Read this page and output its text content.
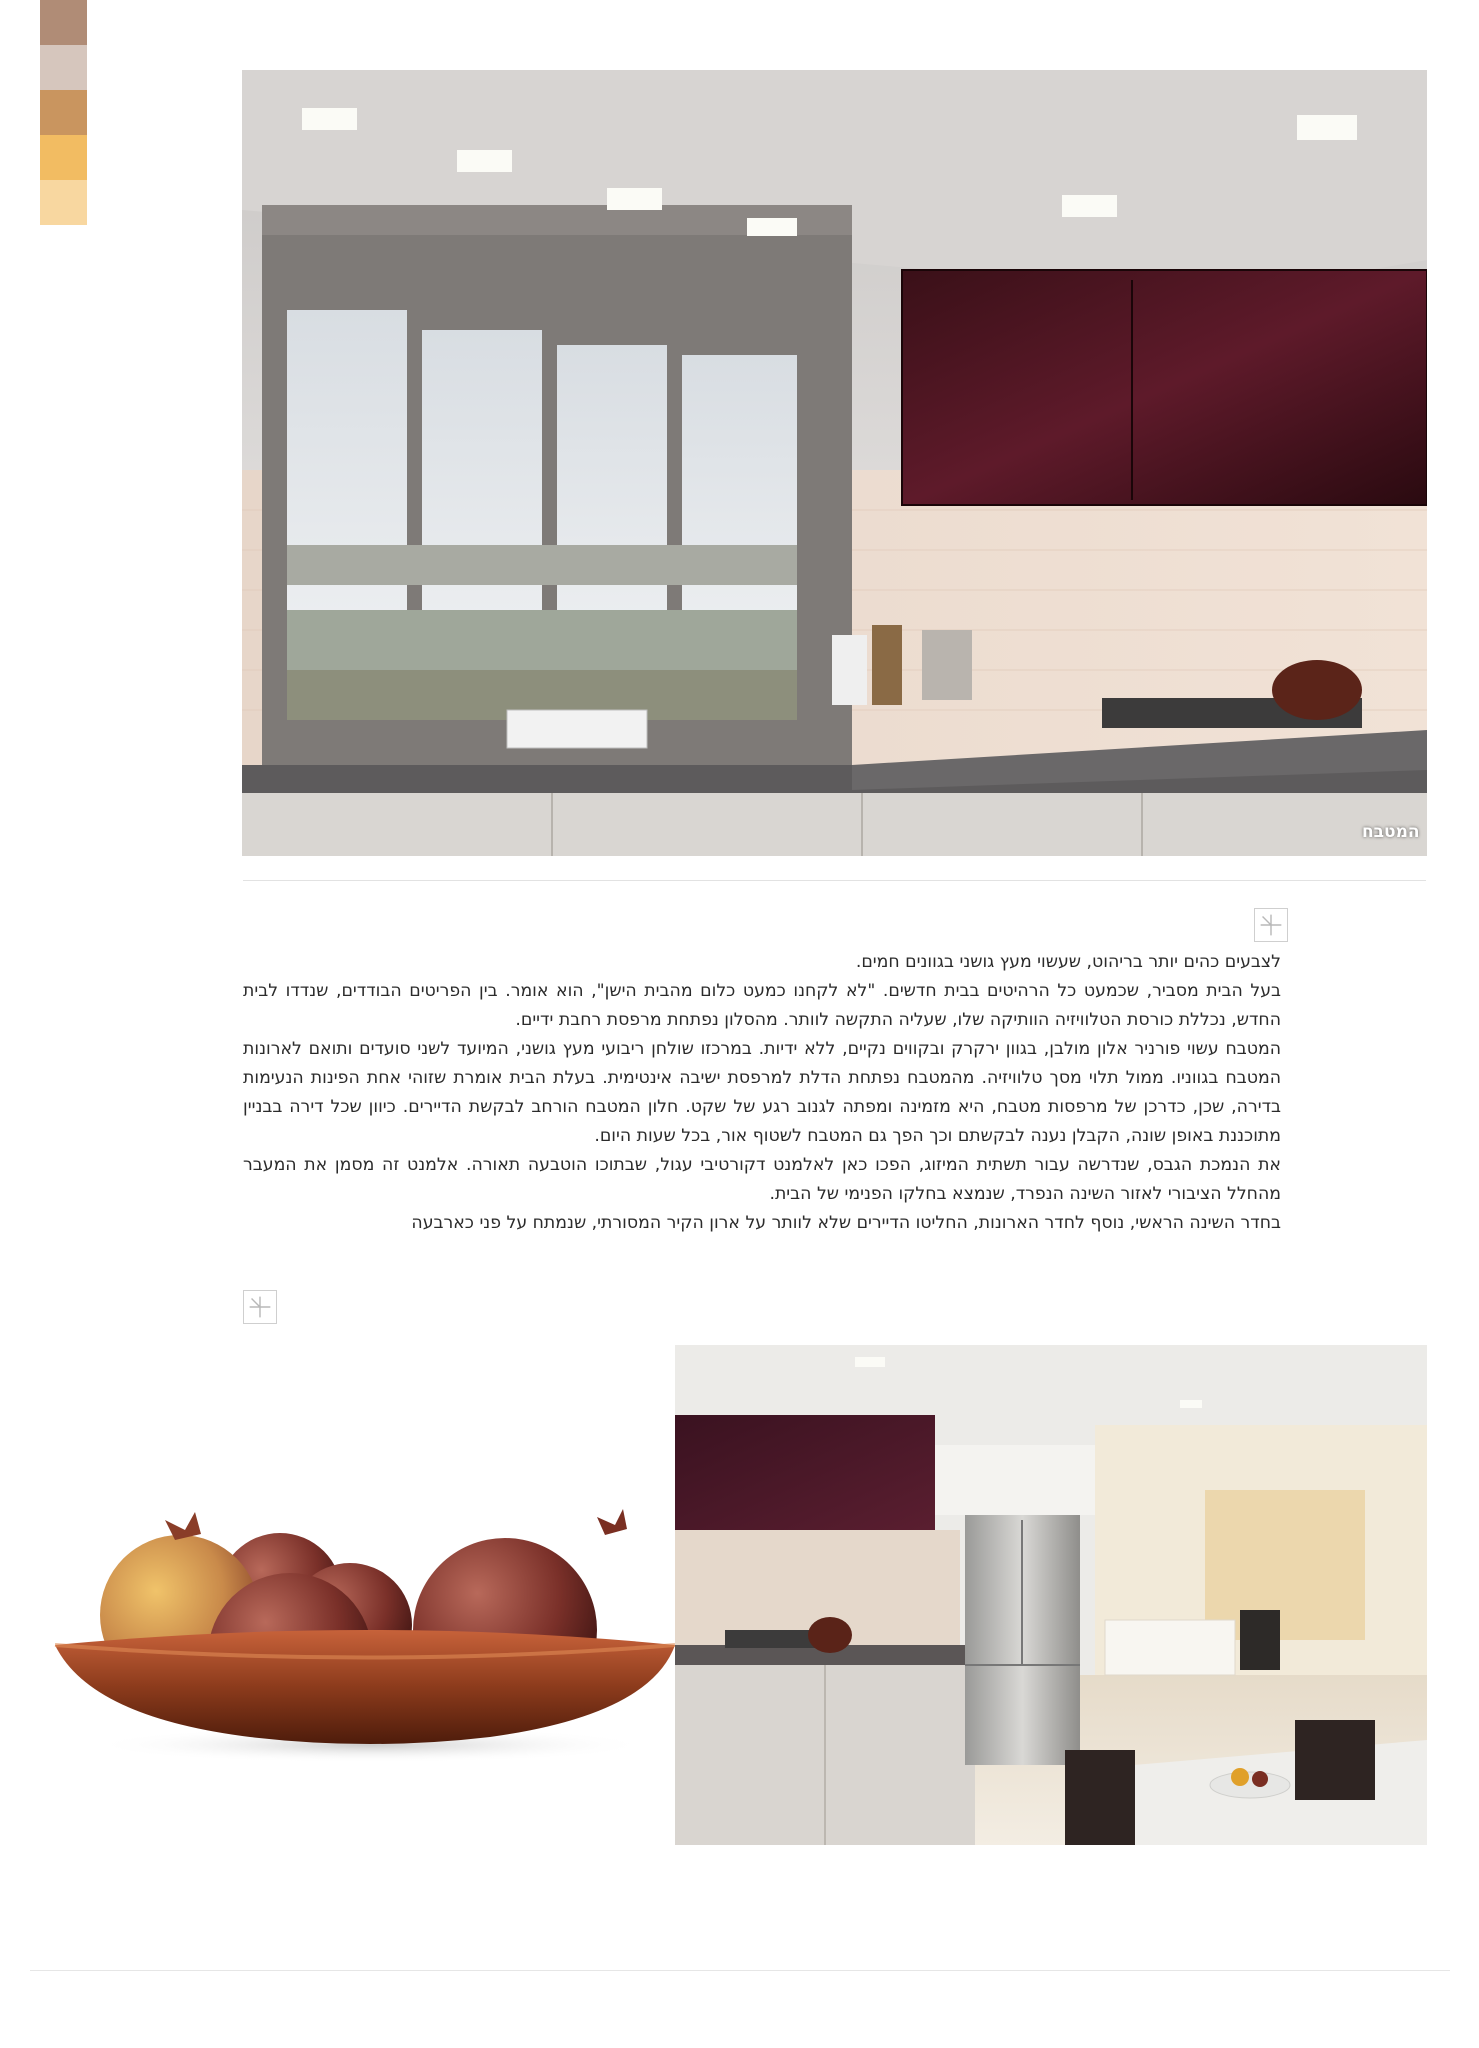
המטבח

לצבעים כהים יותר בריהוט, שעשוי מעץ גושני בגוונים חמים.

בעל הבית מסביר, שכמעט כל הרהיטים בבית חדשים. "לא לקחנו כמעט כלום מהבית הישן", הוא אומר. בין הפריטים הבודדים, שנדדו לבית החדש, נכללת כורסת הטלוויזיה הוותיקה שלו, שעליה התקשה לוותר. מהסלון נפתחת מרפסת רחבת ידיים.

המטבח עשוי פורניר אלון מולבן, בגוון ירקרק ובקווים נקיים, ללא ידיות. במרכזו שולחן ריבועי מעץ גושני, המיועד לשני סועדים ותואם לארונות המטבח בגווניו. ממול תלוי מסך טלוויזיה. מהמטבח נפתחת הדלת למרפסת ישיבה אינטימית. בעלת הבית אומרת שזוהי אחת הפינות הנעימות בדירה, שכן, כדרכן של מרפסות מטבח, היא מזמינה ומפתה לגנוב רגע של שקט. חלון המטבח הורחב לבקשת הדיירים. כיוון שכל דירה בבניין מתוכננת באופן שונה, הקבלן נענה לבקשתם וכך הפך גם המטבח לשטוף אור, בכל שעות היום.

את הנמכת הגבס, שנדרשה עבור תשתית המיזוג, הפכו כאן לאלמנט דקורטיבי עגול, שבתוכו הוטבעה תאורה. אלמנט זה מסמן את המעבר מהחלל הציבורי לאזור השינה הנפרד, שנמצא בחלקו הפנימי של הבית.

בחדר השינה הראשי, נוסף לחדר הארונות, החליטו הדיירים שלא לוותר על ארון הקיר המסורתי, שנמתח על פני כארבעה
